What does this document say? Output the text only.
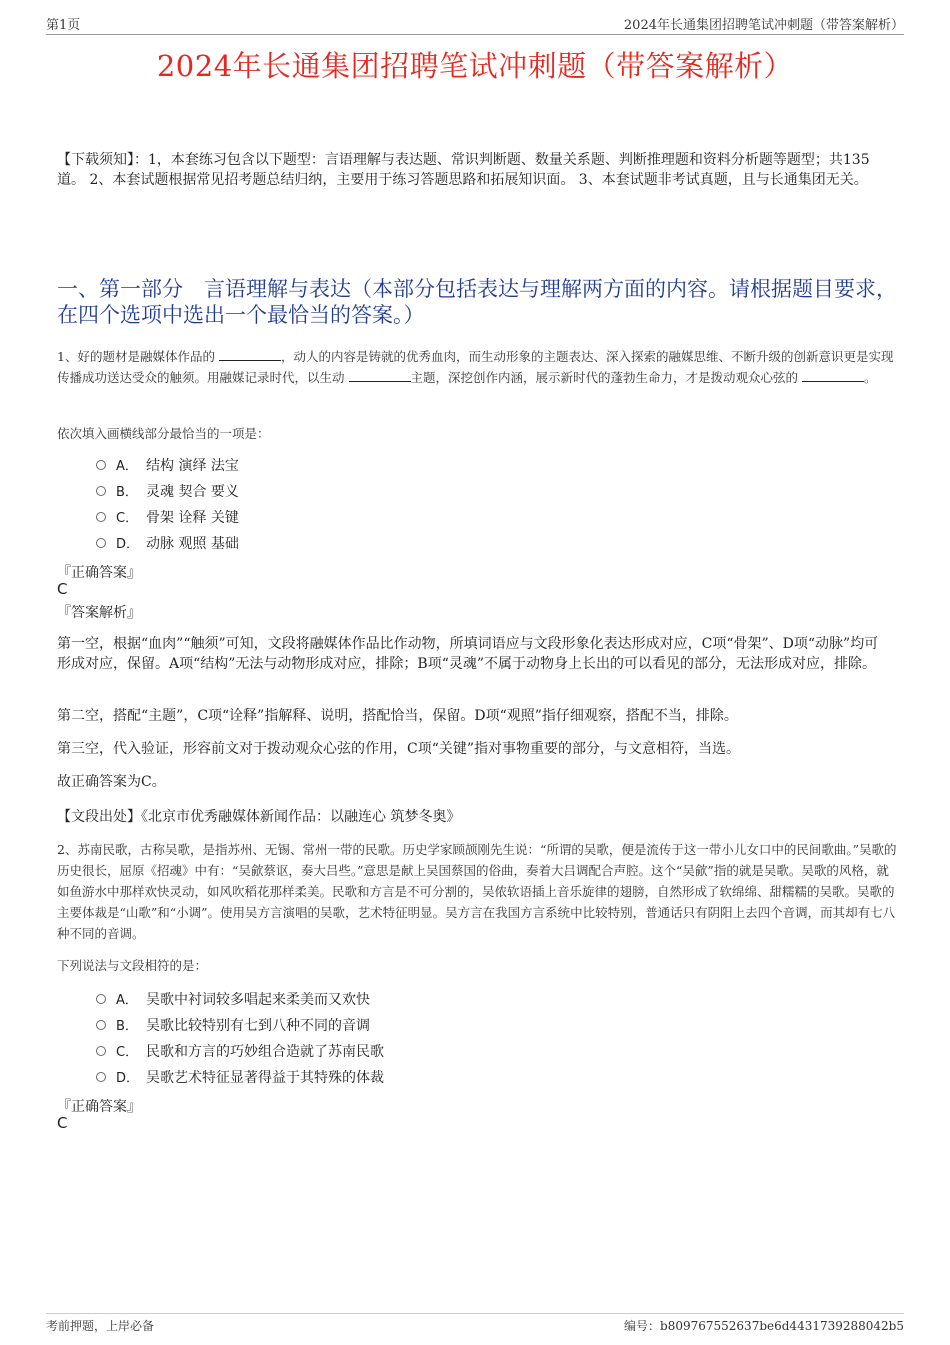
第1页	2024年长通集团招聘笔试冲刺题（带答案解析）
2024年长通集团招聘笔试冲刺题（带答案解析）
【下载须知】：1，本套练习包含以下题型：言语理解与表达题、常识判断题、数量关系题、判断推理题和资料分析题等题型；共135道。 2、本套试题根据常见招考题总结归纳，主要用于练习答题思路和拓展知识面。 3、本套试题非考试真题，且与长通集团无关。
一、第一部分　言语理解与表达（本部分包括表达与理解两方面的内容。请根据题目要求，在四个选项中选出一个最恰当的答案。）
1、好的题材是融媒体作品的	，动人的内容是铸就的优秀血肉，而生动形象的主题表达、深入探索的融媒思维、不断升级的创新意识更是实现传播成功送达受众的触须。用融媒记录时代，以生动	主题，深挖创作内涵，展示新时代的蓬勃生命力，才是拨动观众心弦的	。
依次填入画横线部分最恰当的一项是：
A． 结构 演绎 法宝
B． 灵魂 契合 要义
C． 骨架 诠释 关键
D． 动脉 观照 基础
『正确答案』
C
『答案解析』
第一空，根据“血肉”“触须”可知，文段将融媒体作品比作动物，所填词语应与文段形象化表达形成对应，C项“骨架”、D项“动脉”均可形成对应，保留。A项“结构”无法与动物形成对应，排除；B项“灵魂”不属于动物身上长出的可以看见的部分，无法形成对应，排除。
第二空，搭配“主题”，C项“诠释”指解释、说明，搭配恰当，保留。D项“观照”指仔细观察，搭配不当，排除。
第三空，代入验证，形容前文对于拨动观众心弦的作用，C项“关键”指对事物重要的部分，与文意相符，当选。
故正确答案为C。
【文段出处】《北京市优秀融媒体新闻作品：以融连心 筑梦冬奥》
2、苏南民歌，古称吴歌，是指苏州、无锡、常州一带的民歌。历史学家顾颉刚先生说：“所谓的吴歌，便是流传于这一带小儿女口中的民间歌曲。”吴歌的历史很长，屈原《招魂》中有：“吴歈蔡讴，奏大吕些。”意思是献上吴国蔡国的俗曲，奏着大吕调配合声腔。这个“吴歈”指的就是吴歌。吴歌的风格，就如鱼游水中那样欢快灵动，如风吹稻花那样柔美。民歌和方言是不可分割的，吴侬软语插上音乐旋律的翅膀，自然形成了软绵绵、甜糯糯的吴歌。吴歌的主要体裁是“山歌”和“小调”。使用吴方言演唱的吴歌，艺术特征明显。吴方言在我国方言系统中比较特别，普通话只有阴阳上去四个音调，而其却有七八种不同的音调。
下列说法与文段相符的是：
A． 吴歌中衬词较多唱起来柔美而又欢快
B． 吴歌比较特别有七到八种不同的音调
C． 民歌和方言的巧妙组合造就了苏南民歌
D． 吴歌艺术特征显著得益于其特殊的体裁
『正确答案』
C
考前押题，上岸必备	编号：b809767552637be6d4431739288042b5
